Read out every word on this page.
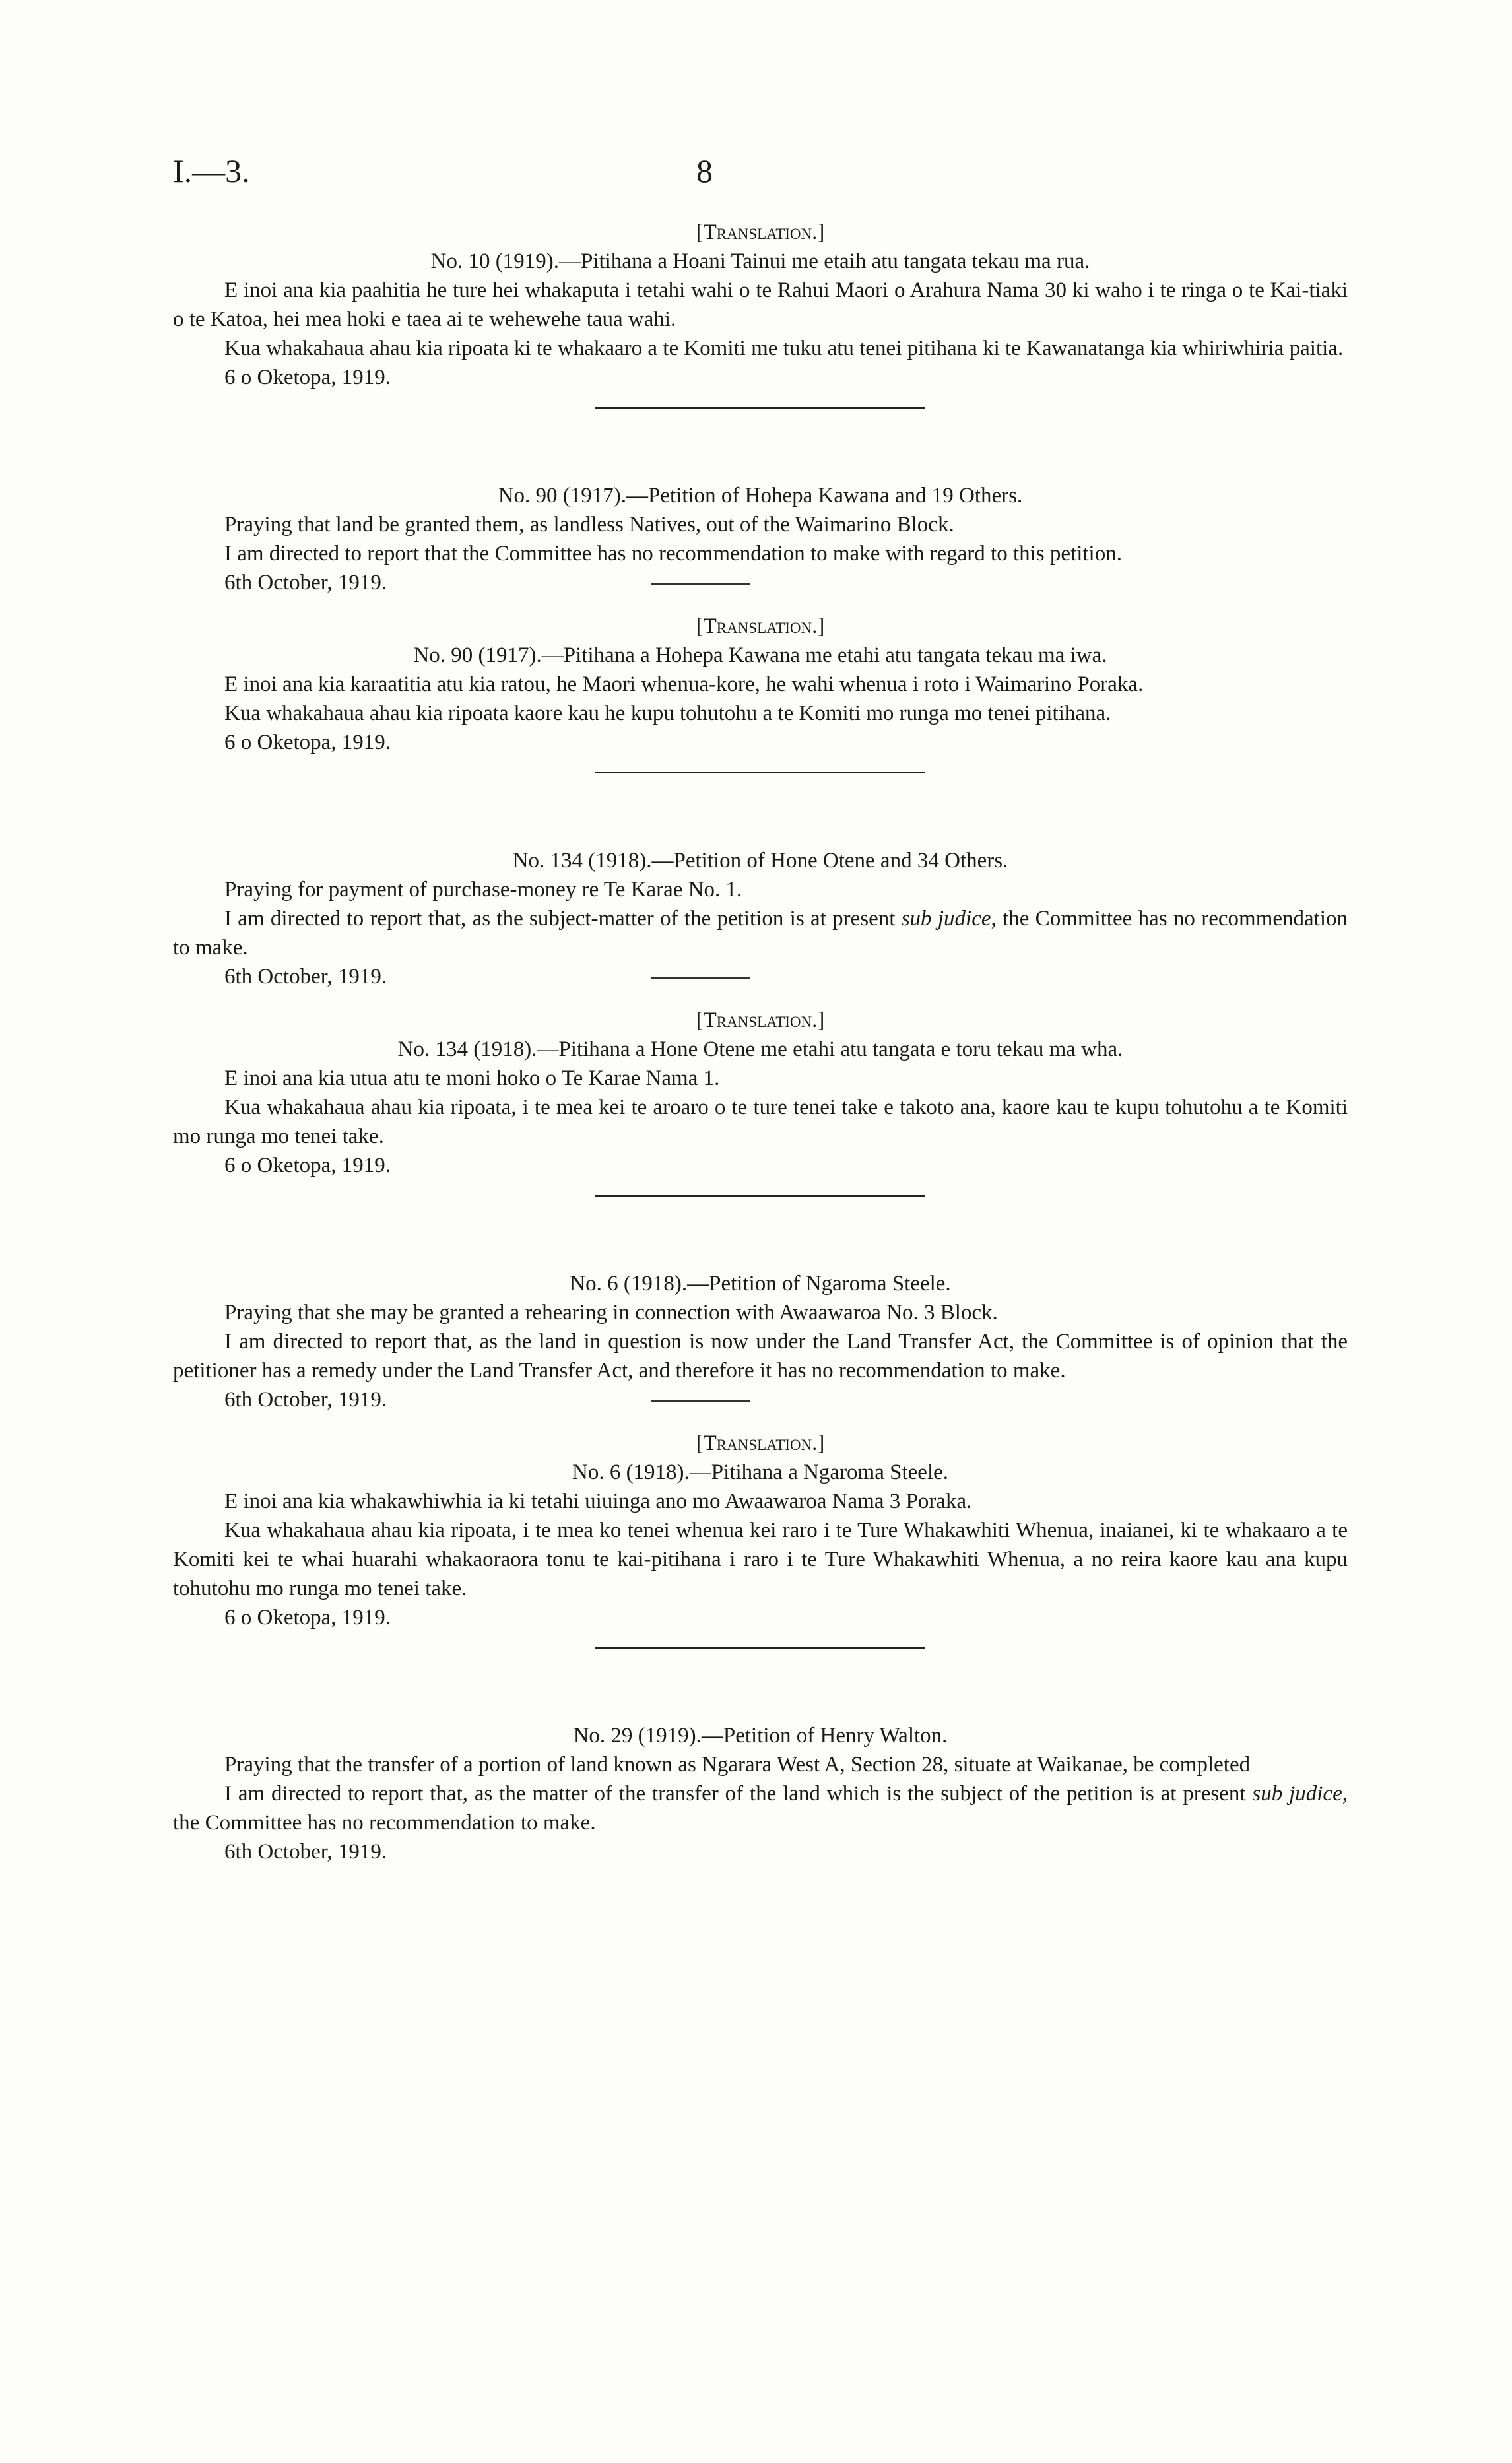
I.—3.	8

[Translation.]

No. 10 (1919).—Pitihana a Hoani Tainui me etaih atu tangata tekau ma rua.

E inoi ana kia paahitia he ture hei whakaputa i tetahi wahi o te Rahui Maori o Arahura Nama 30 ki waho i te ringa o te Kai-tiaki o te Katoa, hei mea hoki e taea ai te wehewehe taua wahi.

Kua whakahaua ahau kia ripoata ki te whakaaro a te Komiti me tuku atu tenei pitihana ki te Kawanatanga kia whiriwhiria paitia.

6 o Oketopa, 1919.

No. 90 (1917).—Petition of Hohepa Kawana and 19 Others.

Praying that land be granted them, as landless Natives, out of the Waimarino Block.

I am directed to report that the Committee has no recommendation to make with regard to this petition.

6th October, 1919.

[Translation.]

No. 90 (1917).—Pitihana a Hohepa Kawana me etahi atu tangata tekau ma iwa.

E inoi ana kia karaatitia atu kia ratou, he Maori whenua-kore, he wahi whenua i roto i Waimarino Poraka.

Kua whakahaua ahau kia ripoata kaore kau he kupu tohutohu a te Komiti mo runga mo tenei pitihana.

6 o Oketopa, 1919.

No. 134 (1918).—Petition of Hone Otene and 34 Others.

Praying for payment of purchase-money re Te Karae No. 1.

I am directed to report that, as the subject-matter of the petition is at present sub judice, the Committee has no recommendation to make.

6th October, 1919.

[Translation.]

No. 134 (1918).—Pitihana a Hone Otene me etahi atu tangata e toru tekau ma wha.

E inoi ana kia utua atu te moni hoko o Te Karae Nama 1.

Kua whakahaua ahau kia ripoata, i te mea kei te aroaro o te ture tenei take e takoto ana, kaore kau te kupu tohutohu a te Komiti mo runga mo tenei take.

6 o Oketopa, 1919.

No. 6 (1918).—Petition of Ngaroma Steele.

Praying that she may be granted a rehearing in connection with Awaawaroa No. 3 Block.

I am directed to report that, as the land in question is now under the Land Transfer Act, the Committee is of opinion that the petitioner has a remedy under the Land Transfer Act, and therefore it has no recommendation to make.

6th October, 1919.

[Translation.]

No. 6 (1918).—Pitihana a Ngaroma Steele.

E inoi ana kia whakawhiwhia ia ki tetahi uiuinga ano mo Awaawaroa Nama 3 Poraka.

Kua whakahaua ahau kia ripoata, i te mea ko tenei whenua kei raro i te Ture Whakawhiti Whenua, inaianei, ki te whakaaro a te Komiti kei te whai huarahi whakaoraora tonu te kai-pitihana i raro i te Ture Whakawhiti Whenua, a no reira kaore kau ana kupu tohutohu mo runga mo tenei take.

6 o Oketopa, 1919.

No. 29 (1919).—Petition of Henry Walton.

Praying that the transfer of a portion of land known as Ngarara West A, Section 28, situate at Waikanae, be completed

I am directed to report that, as the matter of the transfer of the land which is the subject of the petition is at present sub judice, the Committee has no recommendation to make.

6th October, 1919.
